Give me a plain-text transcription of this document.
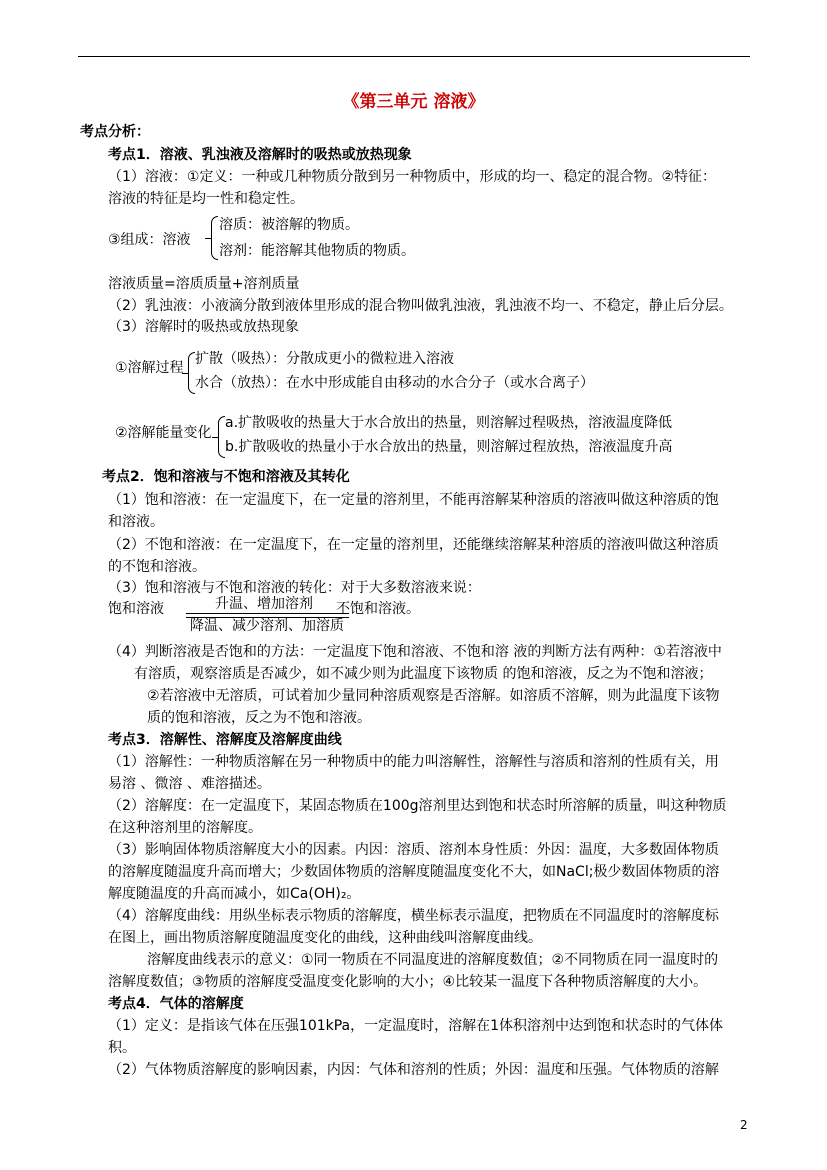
《第三单元 溶液》
考点分析：
考点1．溶液、乳浊液及溶解时的吸热或放热现象
（1）溶液：①定义：一种或几种物质分散到另一种物质中，形成的均一、稳定的混合物。②特征：
溶液的特征是均一性和稳定性。
③组成：溶液
溶质：被溶解的物质。
溶剂：能溶解其他物质的物质。
溶液质量=溶质质量+溶剂质量
（2）乳浊液：小液滴分散到液体里形成的混合物叫做乳浊液，乳浊液不均一、不稳定，静止后分层。
（3）溶解时的吸热或放热现象
①溶解过程
扩散（吸热）：分散成更小的微粒进入溶液
水合（放热）：在水中形成能自由移动的水合分子（或水合离子）
②溶解能量变化
a.扩散吸收的热量大于水合放出的热量，则溶解过程吸热，溶液温度降低
b.扩散吸收的热量小于水合放出的热量，则溶解过程放热，溶液温度升高
考点2．饱和溶液与不饱和溶液及其转化
（1）饱和溶液：在一定温度下，在一定量的溶剂里，不能再溶解某种溶质的溶液叫做这种溶质的饱
和溶液。
（2）不饱和溶液：在一定温度下，在一定量的溶剂里，还能继续溶解某种溶质的溶液叫做这种溶质
的不饱和溶液。
（3）饱和溶液与不饱和溶液的转化：对于大多数溶液来说：
饱和溶液	升温、增加溶剂 不饱和溶液。
降温、减少溶剂、加溶质
（4）判断溶液是否饱和的方法：一定温度下饱和溶液、不饱和溶 液的判断方法有两种：①若溶液中
有溶质，观察溶质是否减少，如不减少则为此温度下该物质 的饱和溶液，反之为不饱和溶液；
②若溶液中无溶质，可试着加少量同种溶质观察是否溶解。如溶质不溶解，则为此温度下该物
质的饱和溶液，反之为不饱和溶液。
考点3．溶解性、溶解度及溶解度曲线
（1）溶解性：一种物质溶解在另一种物质中的能力叫溶解性，溶解性与溶质和溶剂的性质有关，用
易溶 、微溶 、难溶描述。
（2）溶解度：在一定温度下，某固态物质在100g溶剂里达到饱和状态时所溶解的质量，叫这种物质
在这种溶剂里的溶解度。
（3）影响固体物质溶解度大小的因素。内因：溶质、溶剂本身性质：外因：温度，大多数固体物质
的溶解度随温度升高而增大；少数固体物质的溶解度随温度变化不大，如NaCl;极少数固体物质的溶
解度随温度的升高而减小，如Ca(OH)₂。
（4）溶解度曲线：用纵坐标表示物质的溶解度，横坐标表示温度，把物质在不同温度时的溶解度标
在图上，画出物质溶解度随温度变化的曲线，这种曲线叫溶解度曲线。
溶解度曲线表示的意义：①同一物质在不同温度进的溶解度数值；②不同物质在同一温度时的
溶解度数值；③物质的溶解度受温度变化影响的大小；④比较某一温度下各种物质溶解度的大小。
考点4．气体的溶解度
（1）定义：是指该气体在压强101kPa，一定温度时，溶解在1体积溶剂中达到饱和状态时的气体体
积。
（2）气体物质溶解度的影响因素，内因：气体和溶剂的性质；外因：温度和压强。气体物质的溶解
2
